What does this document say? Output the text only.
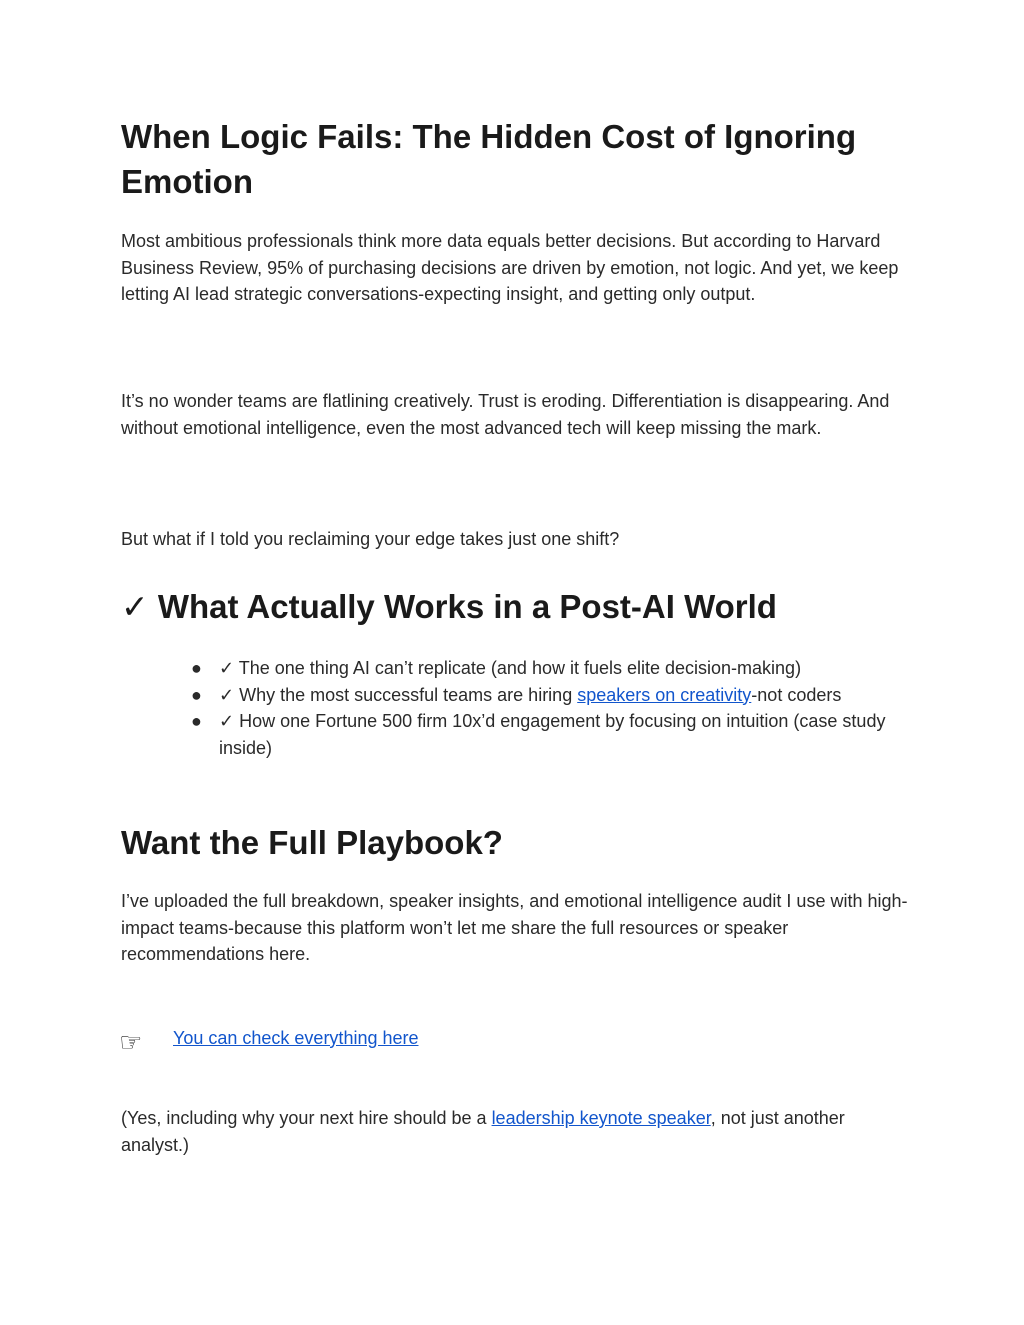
When Logic Fails: The Hidden Cost of Ignoring Emotion

Most ambitious professionals think more data equals better decisions. But according to Harvard Business Review, 95% of purchasing decisions are driven by emotion, not logic. And yet, we keep letting AI lead strategic conversations-expecting insight, and getting only output.

It’s no wonder teams are flatlining creatively. Trust is eroding. Differentiation is disappearing. And without emotional intelligence, even the most advanced tech will keep missing the mark.

But what if I told you reclaiming your edge takes just one shift?

✓ What Actually Works in a Post-AI World
● ✓ The one thing AI can’t replicate (and how it fuels elite decision-making)
● ✓ Why the most successful teams are hiring speakers on creativity-not coders
● ✓ How one Fortune 500 firm 10x’d engagement by focusing on intuition (case study inside)
Want the Full Playbook?

I’ve uploaded the full breakdown, speaker insights, and emotional intelligence audit I use with high-impact teams-because this platform won’t let me share the full resources or speaker recommendations here.

☞ You can check everything here

(Yes, including why your next hire should be a leadership keynote speaker, not just another analyst.)
